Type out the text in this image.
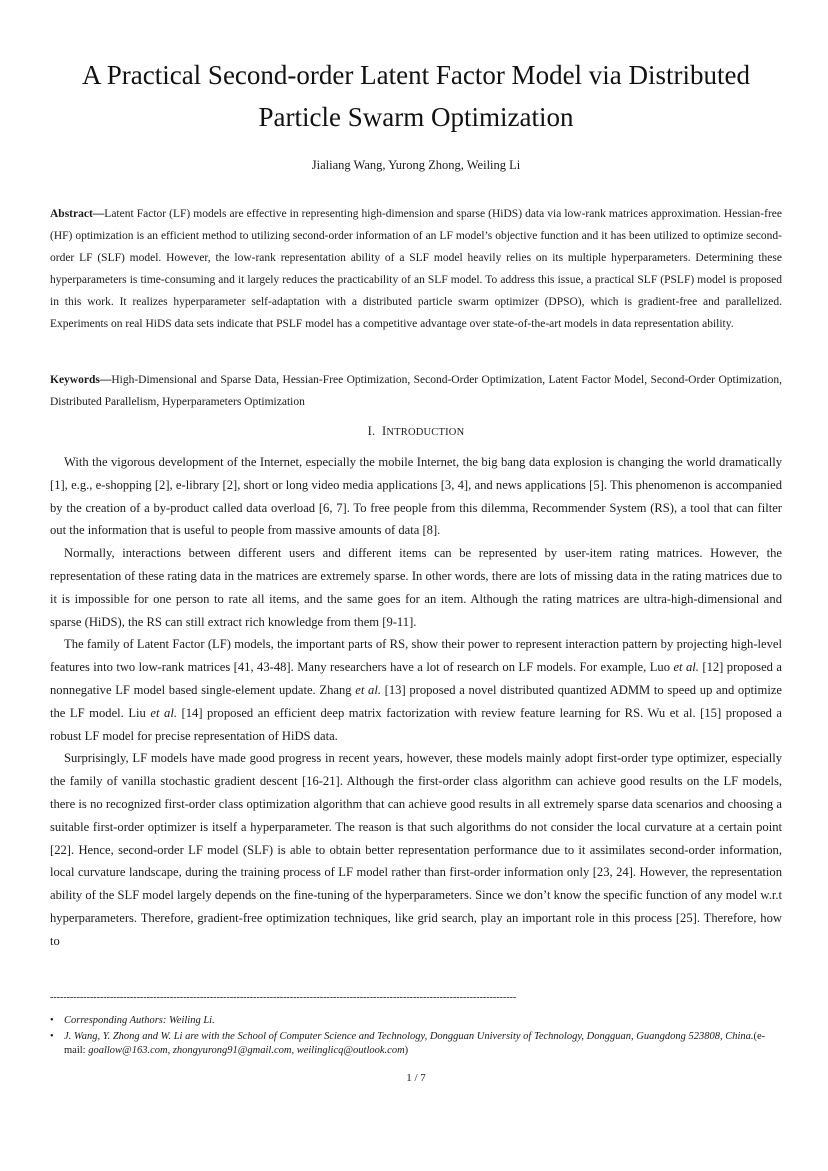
A Practical Second-order Latent Factor Model via Distributed Particle Swarm Optimization
Jialiang Wang, Yurong Zhong, Weiling Li
Abstract—Latent Factor (LF) models are effective in representing high-dimension and sparse (HiDS) data via low-rank matrices approximation. Hessian-free (HF) optimization is an efficient method to utilizing second-order information of an LF model’s objective function and it has been utilized to optimize second-order LF (SLF) model. However, the low-rank representation ability of a SLF model heavily relies on its multiple hyperparameters. Determining these hyperparameters is time-consuming and it largely reduces the practicability of an SLF model. To address this issue, a practical SLF (PSLF) model is proposed in this work. It realizes hyperparameter self-adaptation with a distributed particle swarm optimizer (DPSO), which is gradient-free and parallelized. Experiments on real HiDS data sets indicate that PSLF model has a competitive advantage over state-of-the-art models in data representation ability.
Keywords—High-Dimensional and Sparse Data, Hessian-Free Optimization, Second-Order Optimization, Latent Factor Model, Second-Order Optimization, Distributed Parallelism, Hyperparameters Optimization
I. INTRODUCTION

With the vigorous development of the Internet, especially the mobile Internet, the big bang data explosion is changing the world dramatically [1], e.g., e-shopping [2], e-library [2], short or long video media applications [3, 4], and news applications [5]. This phenomenon is accompanied by the creation of a by-product called data overload [6, 7]. To free people from this dilemma, Recommender System (RS), a tool that can filter out the information that is useful to people from massive amounts of data [8].

Normally, interactions between different users and different items can be represented by user-item rating matrices. However, the representation of these rating data in the matrices are extremely sparse. In other words, there are lots of missing data in the rating matrices due to it is impossible for one person to rate all items, and the same goes for an item. Although the rating matrices are ultra-high-dimensional and sparse (HiDS), the RS can still extract rich knowledge from them [9-11].

The family of Latent Factor (LF) models, the important parts of RS, show their power to represent interaction pattern by projecting high-level features into two low-rank matrices [41, 43-48]. Many researchers have a lot of research on LF models. For example, Luo et al. [12] proposed a nonnegative LF model based single-element update. Zhang et al. [13] proposed a novel distributed quantized ADMM to speed up and optimize the LF model. Liu et al. [14] proposed an efficient deep matrix factorization with review feature learning for RS. Wu et al. [15] proposed a robust LF model for precise representation of HiDS data.

Surprisingly, LF models have made good progress in recent years, however, these models mainly adopt first-order type optimizer, especially the family of vanilla stochastic gradient descent [16-21]. Although the first-order class algorithm can achieve good results on the LF models, there is no recognized first-order class optimization algorithm that can achieve good results in all extremely sparse data scenarios and choosing a suitable first-order optimizer is itself a hyperparameter. The reason is that such algorithms do not consider the local curvature at a certain point [22]. Hence, second-order LF model (SLF) is able to obtain better representation performance due to it assimilates second-order information, local curvature landscape, during the training process of LF model rather than first-order information only [23, 24]. However, the representation ability of the SLF model largely depends on the fine-tuning of the hyperparameters. Since we don’t know the specific function of any model w.r.t hyperparameters. Therefore, gradient-free optimization techniques, like grid search, play an important role in this process [25]. Therefore, how to

--------------------------------------------------------------------------------------------------------------------------------------------
• Corresponding Authors: Weiling Li.
• J. Wang, Y. Zhong and W. Li are with the School of Computer Science and Technology, Dongguan University of Technology, Dongguan, Guangdong 523808, China.(e-mail: goallow@163.com, zhongyurong91@gmail.com, weilinglicq@outlook.com)
1 / 7
